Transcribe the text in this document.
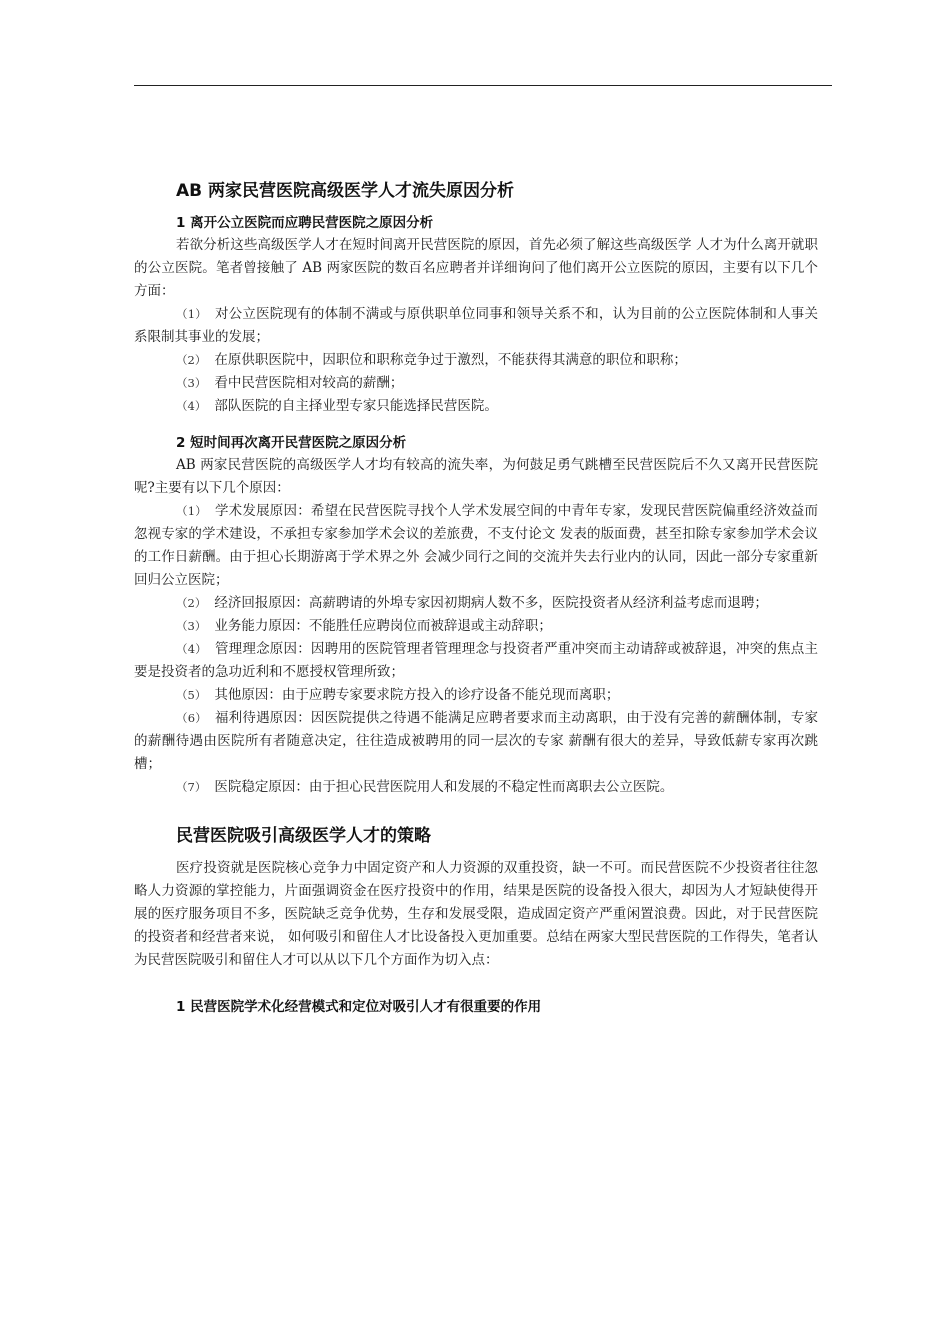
AB 两家民营医院高级医学人才流失原因分析
1 离开公立医院而应聘民营医院之原因分析

若欲分析这些高级医学人才在短时间离开民营医院的原因，首先必须了解这些高级医学 人才为什么离开就职的公立医院。笔者曾接触了 AB 两家医院的数百名应聘者并详细询问了他们离开公立医院的原因，主要有以下几个方面：

（1） 对公立医院现有的体制不满或与原供职单位同事和领导关系不和，认为目前的公立医院体制和人事关系限制其事业的发展；

（2） 在原供职医院中，因职位和职称竞争过于激烈，不能获得其满意的职位和职称；

（3） 看中民营医院相对较高的薪酬；

（4） 部队医院的自主择业型专家只能选择民营医院。

2 短时间再次离开民营医院之原因分析

AB 两家民营医院的高级医学人才均有较高的流失率，为何鼓足勇气跳槽至民营医院后不久又离开民营医院呢?主要有以下几个原因：

（1） 学术发展原因：希望在民营医院寻找个人学术发展空间的中青年专家，发现民营医院偏重经济效益而忽视专家的学术建设，不承担专家参加学术会议的差旅费，不支付论文 发表的版面费，甚至扣除专家参加学术会议的工作日薪酬。由于担心长期游离于学术界之外 会减少同行之间的交流并失去行业内的认同，因此一部分专家重新回归公立医院；

（2） 经济回报原因：高薪聘请的外埠专家因初期病人数不多，医院投资者从经济利益考虑而退聘；

（3） 业务能力原因：不能胜任应聘岗位而被辞退或主动辞职；

（4） 管理理念原因：因聘用的医院管理者管理理念与投资者严重冲突而主动请辞或被辞退，冲突的焦点主要是投资者的急功近利和不愿授权管理所致；

（5） 其他原因：由于应聘专家要求院方投入的诊疗设备不能兑现而离职；

（6） 福利待遇原因：因医院提供之待遇不能满足应聘者要求而主动离职，由于没有完善的薪酬体制，专家的薪酬待遇由医院所有者随意决定，往往造成被聘用的同一层次的专家 薪酬有很大的差异，导致低薪专家再次跳槽；

（7） 医院稳定原因：由于担心民营医院用人和发展的不稳定性而离职去公立医院。

民营医院吸引高级医学人才的策略

医疗投资就是医院核心竞争力中固定资产和人力资源的双重投资，缺一不可。而民营医院不少投资者往往忽略人力资源的掌控能力，片面强调资金在医疗投资中的作用，结果是医院的设备投入很大，却因为人才短缺使得开展的医疗服务项目不多，医院缺乏竞争优势，生存和发展受限，造成固定资产严重闲置浪费。因此，对于民营医院的投资者和经营者来说， 如何吸引和留住人才比设备投入更加重要。总结在两家大型民营医院的工作得失，笔者认为民营医院吸引和留住人才可以从以下几个方面作为切入点：

1 民营医院学术化经营模式和定位对吸引人才有很重要的作用
